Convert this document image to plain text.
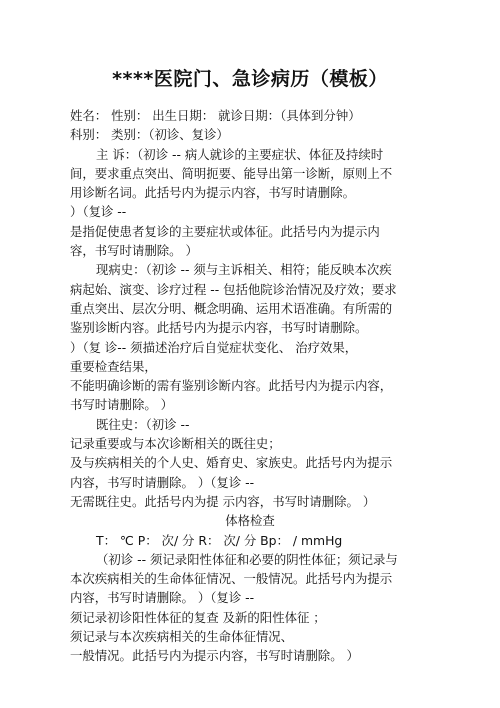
****医院门、急诊病历（模板）

姓名： 性别： 出生日期： 就诊日期：（具体到分钟）

科别： 类别：（初诊、复诊）

主 诉：（初诊 -- 病人就诊的主要症状、体征及持续时

间，要求重点突出、简明扼要、能导出第一诊断，原则上不

用诊断名词。此括号内为提示内容，书写时请删除。

）（复诊 --

是指促使患者复诊的主要症状或体征。此括号内为提示内

容，书写时请删除。 ）

现病史：（初诊 -- 须与主诉相关、相符；能反映本次疾

病起始、演变、诊疗过程 -- 包括他院诊治情况及疗效；要求

重点突出、层次分明、概念明确、运用术语准确。有所需的

鉴别诊断内容。此括号内为提示内容，书写时请删除。

）（复 诊-- 须描述治疗后自觉症状变化、 治疗效果，

重要检查结果，

不能明确诊断的需有鉴别诊断内容。此括号内为提示内容，

书写时请删除。 ）

既往史：（初诊 --

记录重要或与本次诊断相关的既往史；

及与疾病相关的个人史、婚育史、家族史。此括号内为提示

内容，书写时请删除。 ）（复诊 --

无需既往史。此括号内为提 示内容，书写时请删除。 ）

体格检查

T： ℃ P： 次/ 分 R： 次/ 分 Bp： / mmHg

（初诊 -- 须记录阳性体征和必要的阴性体征；须记录与

本次疾病相关的生命体征情况、一般情况。此括号内为提示

内容，书写时请删除。 ）（复诊 --

须记录初诊阳性体征的复查 及新的阳性体征 ；

须记录与本次疾病相关的生命体征情况、

一般情况。此括号内为提示内容，书写时请删除。 ）
